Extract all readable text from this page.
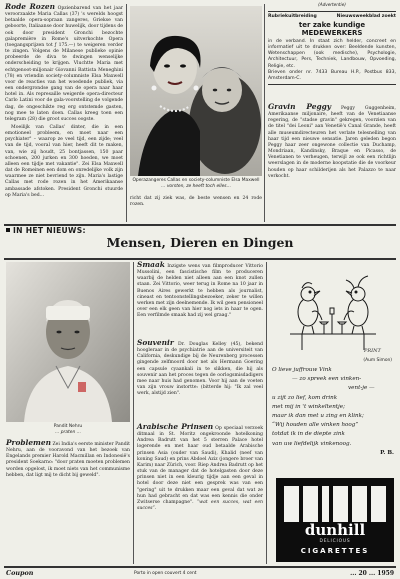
Rode Rozen Opzienbarend van het jaar veroorzaakte Maria Callas (37) 's werelds hoogst betaalde opera-sopraan zangeres, Griekse van geboorte, Italiaanse door huwelijk, door tijdens de ook door president Gronchi bezochte galapremière in Rome's uitverkochte Opera (toegangsprijzen tot ƒ 175.—) te weigeren verder te zingen. Volgens de Milanese publieke opinie probeerde de diva te dwingen wenselijke onderscheiding te krijgen. Vluchtte Maria met echtgenoot-miljonair Giovanni Battista Meneghini (78) en vriendin society-columniste Elsa Maxwell voor de reacties van het woedende publiek, via een ondergrondse gang van de opera naar haar hotel in. Als represaille weigerde opera-directeur Carlo Latini voor de gala-voorstelling de volgende dag, de ongeschikte reg erg ontstemde gasten, nog mee te laten doen. Callas kreeg toen een telegram (28) die groot succes oogste.

Moeilijk van Callas' dinter, die in een emotioneel probleem, en moet naar een psychiater" – waarop ze veel tijd, een zijde; veel van de tijd, vooral van hier, heeft dit te maken, van, wie zij houdt, 25 bontjassen, 150 paar schoenen, 200 jurken en 300 hoeden, we moet alleen een tijdje met vakantie". Zei Elsa Maxwell dat de Romeinen een dom en onredelijke volk zijn waarmee ze niet bevriend te zijn. Maria's lastige Callas met rode rozen in het Amerikaanse ambassade afstoken. President Gronchi stuurde op Maria's bed...

Operazangeres Callas en society-columniste Elsa Maxwell

… vorsten, ze heeft toch elles…

richt dat zij ziek was, de beste wensen en 24 rode rozen.

(Advertentie)
Rubriekuitbreiding	Nieuwsweekblad zoekt
ter zake kundige MEDEWERKERS

in de verband. In staat zich helder, concreet en informatief uit te drukken over: Beeldende kunsten, Wetenschappen (ook medische), Psychologie, Architectuur, Pers, Techniek, Landbouw, Opvoeding, Religie, etc.

Brieven onder nr. 7433 Bureau H.P., Postbus 833, Amsterdam-C.

Gravin Peggy Peggy Guggenheim, Amerikaanse miljonaire, heeft van de Venetiaanse regering, de "stadse gravin" gekregen, voorzien van de titel "dei Leoni" aan Venetië's Canal Grande, heeft alle museumdirecteuren het verlate telesnelling van haar tijd een nieuwe sensatie. Jaren geleden begon Peggy haar zeer ongewone collectie van Duchamp, Mondriaan, Kandinsky, Braque en Picasso, de Venetianen te verheugen, terwijl ze ook een richtlijn weerslagen in de moderne koopstatie die de voorkeur houden op haar schilderijen als het Palazzo te naar verkocht.

IN HET NIEUWS:
Mensen, Dieren en Dingen

Pandit Nehru

… praten …

Problemen Zei India's eerste minister Pandit Nehru, aan de vooravond van het bezoek van Engelands premier Harold Macmillan en Indonesië's president Soekarno: "door praten moeten problemen worden opgelost, ik moet niets van het communisme hebben, dat ligt mij te dicht bij geweld".

Smaak Inzigste wens van filmproducer Vittorio Mussolini, een fascistische film te produceren waarbij de helden niet alleen aan een knot zullen staan. Zei Vittorio, weer terug in Rome na 10 jaar in Buenos Aires gewerkt te hebben als journalist, cineast en tentoonstellingsbezoeker, zeker te willen werken met zijn deelnemende. Ik wil geen pensioneel over een elk geen van hier nog iets in haar te ogen. Een verfilmde smaak had zij wel graag."

Souvenir Dr. Douglas Kelley (45), bekend hoogleraar in de psychiatrie aan de universiteit van California, deskundige bij de Neurenberg processen gingende zelfmoord door net als Hermann Goering een capsule cyaankali in te slikken, die hij als souvenir aan het proces tegen de oorlogsmisdadigers mee naar huis had genomen. Voor hij aan de voeten van zijn vrouw instortte: (bitterde hij: "Ik zal veel werk, alstijd zien".

Arabische Prinsen Op speciaal verzoek ditmaal in St. Moritz ongekroonde hotelkoning Andrea Badrutt van het 5 sterren Palace hotel logerende en met haar oud betaalde Arabische prinsen Asia (ouder van Saudi), Khalid (neef van koning Saud) en prins Abdoel Aziz (jongere broer van Karim) naar Zürich, voor. Riep Andrea Badrutt op het stuk van de manager dat de hotelgasten door deze prinsen niet in een kleurig tijdje aan een geval in hotel door deze niet een gesprek was van een "gering" uit te drukken maar een geval dat wat ze hun had gebracht en dat was een kennis die onder Zwitserse champagne". “wat een succes, wat een succes”.

PRINT
(Aum Simon)
O lieve juffrouw Vink
— zo spreek een vinken-
vent-je —
u zijt zo lief, kom drink
met mij in 't winkeltentje;
maar ik dan met u zing en klink;
“Wij houden alle vinken hoog”
totdat ik in de diepte zink
van uw liefdelijk vinkenoog.
P. B.
dunhill
DELICIOUS
CIGARETTES
Coupon	Porto in open couvert 4 cent	... 20 ... 1959
